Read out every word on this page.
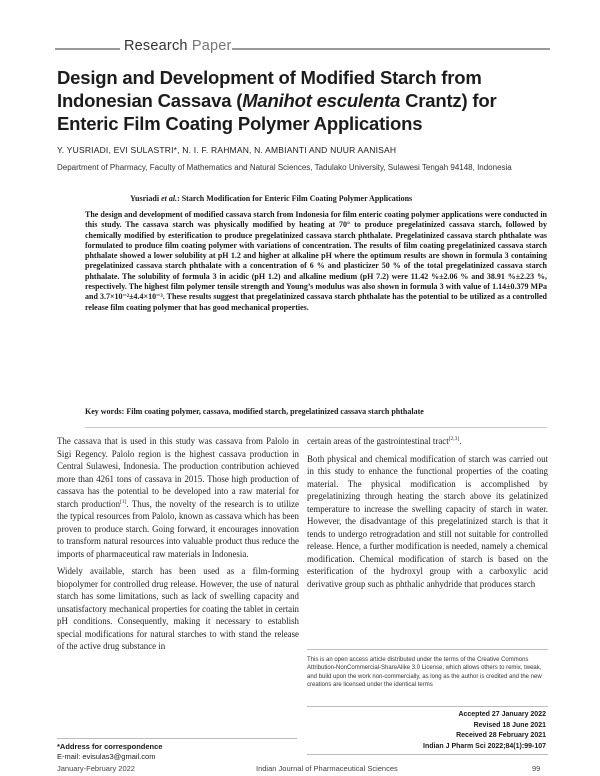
Research Paper
Design and Development of Modified Starch from Indonesian Cassava (Manihot esculenta Crantz) for Enteric Film Coating Polymer Applications
Y. YUSRIADI, EVI SULASTRI*, N. I. F. RAHMAN, N. AMBIANTI AND NUUR AANISAH
Department of Pharmacy, Faculty of Mathematics and Natural Sciences, Tadulako University, Sulawesi Tengah 94148, Indonesia
Yusriadi et al.: Starch Modification for Enteric Film Coating Polymer Applications
The design and development of modified cassava starch from Indonesia for film enteric coating polymer applications were conducted in this study. The cassava starch was physically modified by heating at 70° to produce pregelatinized cassava starch, followed by chemically modified by esterification to produce pregelatinized cassava starch phthalate. Pregelatinized cassava starch phthalate was formulated to produce film coating polymer with variations of concentration. The results of film coating pregelatinized cassava starch phthalate showed a lower solubility at pH 1.2 and higher at alkaline pH where the optimum results are shown in formula 3 containing pregelatinized cassava starch phthalate with a concentration of 6 % and plasticizer 50 % of the total pregelatinized cassava starch phthalate. The solubility of formula 3 in acidic (pH 1.2) and alkaline medium (pH 7.2) were 11.42 %±2.06 % and 38.91 %±2.23 %, respectively. The highest film polymer tensile strength and Young’s modulus was also shown in formula 3 with value of 1.14±0.379 MPa and 3.7×10⁻²±4.4×10⁻³. These results suggest that pregelatinized cassava starch phthalate has the potential to be utilized as a controlled release film coating polymer that has good mechanical properties.
Key words: Film coating polymer, cassava, modified starch, pregelatinized cassava starch phthalate

The cassava that is used in this study was cassava from Palolo in Sigi Regency. Palolo region is the highest cassava production in Central Sulawesi, Indonesia. The production contribution achieved more than 4261 tons of cassava in 2015. Those high production of cassava has the potential to be developed into a raw material for starch production[1]. Thus, the novelty of the research is to utilize the typical resources from Palolo, known as cassava which has been proven to produce starch. Going forward, it encourages innovation to transform natural resources into valuable product thus reduce the imports of pharmaceutical raw materials in Indonesia.

Widely available, starch has been used as a film-forming biopolymer for controlled drug release. However, the use of natural starch has some limitations, such as lack of swelling capacity and unsatisfactory mechanical properties for coating the tablet in certain pH conditions. Consequently, making it necessary to establish special modifications for natural starches to with stand the release of the active drug substance in

certain areas of the gastrointestinal tract[2,3].

Both physical and chemical modification of starch was carried out in this study to enhance the functional properties of the coating material. The physical modification is accomplished by pregelatinizing through heating the starch above its gelatinized temperature to increase the swelling capacity of starch in water. However, the disadvantage of this pregelatinized starch is that it tends to undergo retrogradation and still not suitable for controlled release. Hence, a further modification is needed, namely a chemical modification. Chemical modification of starch is based on the esterification of the hydroxyl group with a carboxylic acid derivative group such as phthalic anhydride that produces starch

This is an open access article distributed under the terms of the Creative Commons Attribution-NonCommercial-ShareAlike 3.0 License, which allows others to remix, tweak, and build upon the work non-commercially, as long as the author is credited and the new creations are licensed under the identical terms
Accepted 27 January 2022
Revised 18 June 2021
Received 28 February 2021
Indian J Pharm Sci 2022;84(1):99-107
*Address for correspondence
E-mail: evisulas3@gmail.com
January-February 2022	Indian Journal of Pharmaceutical Sciences	99
